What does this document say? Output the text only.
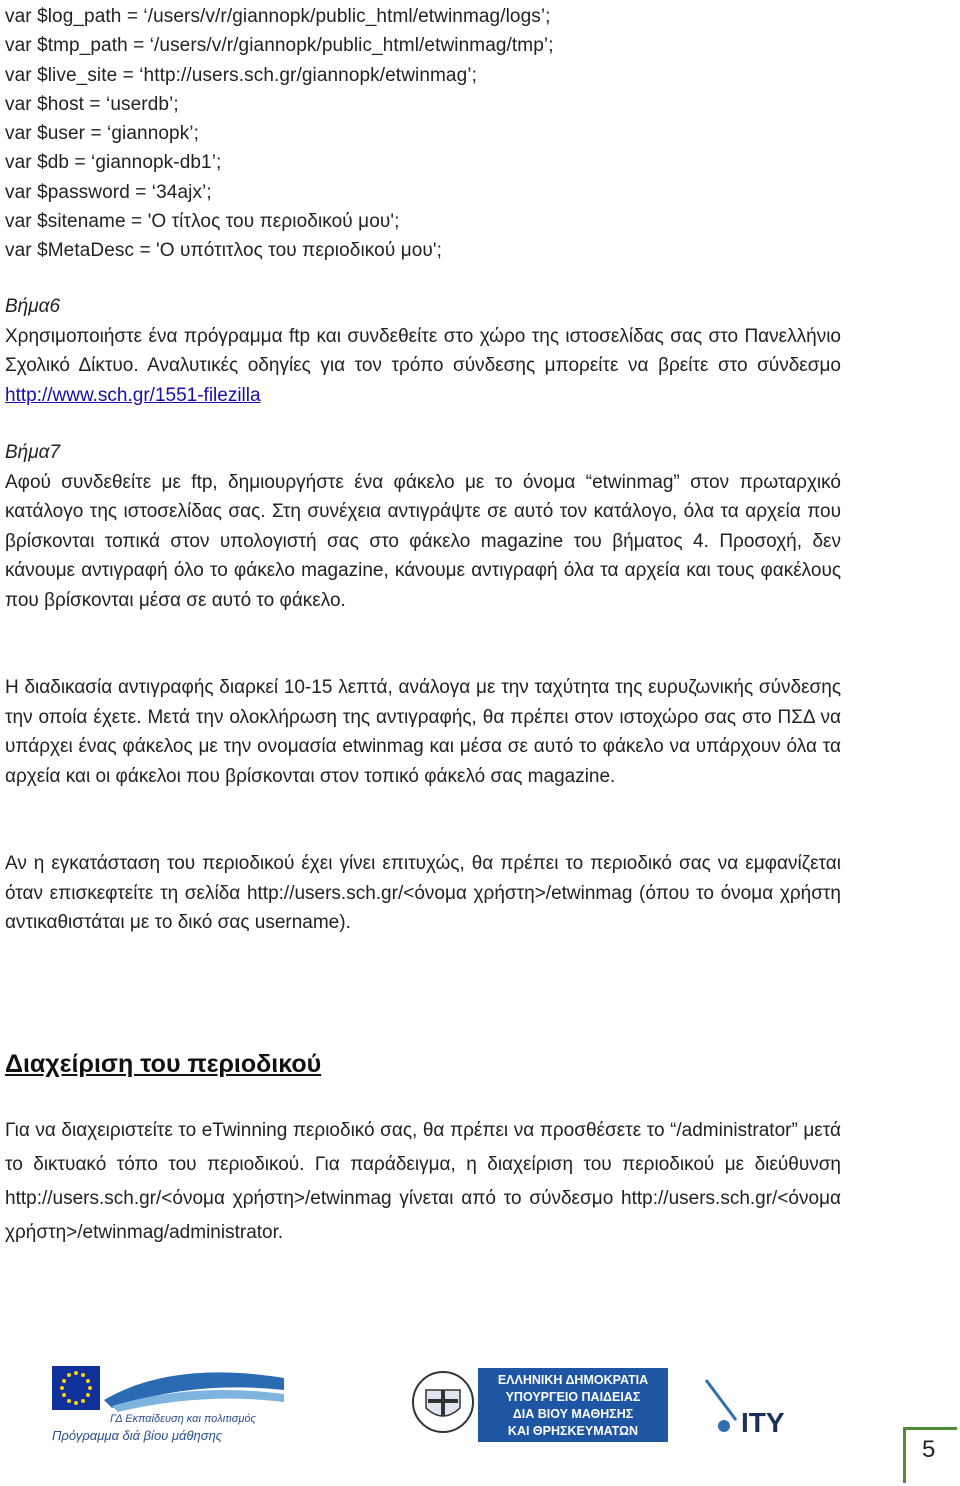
var $log_path = ‘/users/v/r/giannopk/public_html/etwinmag/logs’;
var $tmp_path = ‘/users/v/r/giannopk/public_html/etwinmag/tmp’;
var $live_site = ‘http://users.sch.gr/giannopk/etwinmag’;
var $host = ‘userdb’;
var $user = ‘giannopk’;
var $db = ‘giannopk-db1’;
var $password = ‘34ajx’;
var $sitename = 'Ο τίτλος του περιοδικού μου';
var $MetaDesc = 'Ο υπότιτλος του περιοδικού μου';
Βήμα6
Χρησιμοποιήστε ένα πρόγραμμα ftp και συνδεθείτε στο χώρο της ιστοσελίδας σας στο Πανελλήνιο Σχολικό Δίκτυο. Αναλυτικές οδηγίες για τον τρόπο σύνδεσης μπορείτε να βρείτε στο σύνδεσμο http://www.sch.gr/1551-filezilla
Βήμα7
Αφού συνδεθείτε με ftp, δημιουργήστε ένα φάκελο με το όνομα “etwinmag” στον πρωταρχικό κατάλογο της ιστοσελίδας σας. Στη συνέχεια αντιγράψτε σε αυτό τον κατάλογο, όλα τα αρχεία που βρίσκονται τοπικά στον υπολογιστή σας στο φάκελο magazine του βήματος 4. Προσοχή, δεν κάνουμε αντιγραφή όλο το φάκελο magazine, κάνουμε αντιγραφή όλα τα αρχεία και τους φακέλους που βρίσκονται μέσα σε αυτό το φάκελο.
Η διαδικασία αντιγραφής διαρκεί 10-15 λεπτά, ανάλογα με την ταχύτητα της ευρυζωνικής σύνδεσης την οποία έχετε. Μετά την ολοκλήρωση της αντιγραφής, θα πρέπει στον ιστοχώρο σας στο ΠΣΔ να υπάρχει ένας φάκελος με την ονομασία etwinmag και μέσα σε αυτό το φάκελο να υπάρχουν όλα τα αρχεία και οι φάκελοι που βρίσκονται στον τοπικό φάκελό σας magazine.
Αν η εγκατάσταση του περιοδικού έχει γίνει επιτυχώς, θα πρέπει το περιοδικό σας να εμφανίζεται όταν επισκεφτείτε τη σελίδα http://users.sch.gr/<όνομα χρήστη>/etwinmag (όπου το όνομα χρήστη αντικαθιστάται με το δικό σας username).
Διαχείριση του περιοδικού
Για να διαχειριστείτε το eTwinning περιοδικό σας, θα πρέπει να προσθέσετε το “/administrator” μετά το δικτυακό τόπο του περιοδικού. Για παράδειγμα, η διαχείριση του περιοδικού με διεύθυνση http://users.sch.gr/<όνομα χρήστη>/etwinmag γίνεται από το σύνδεσμο http://users.sch.gr/<όνομα χρήστη>/etwinmag/administrator.
ΓΔ Εκπαίδευση και πολιτισμός
Πρόγραμμα διά βίου μάθησης
ΕΛΛΗΝΙΚΗ ΔΗΜΟΚΡΑΤΙΑ
ΥΠΟΥΡΓΕΙΟ ΠΑΙΔΕΙΑΣ
ΔΙΑ ΒΙΟΥ ΜΑΘΗΣΗΣ
ΚΑΙ ΘΡΗΣΚΕΥΜΑΤΩΝ	ITY
5
